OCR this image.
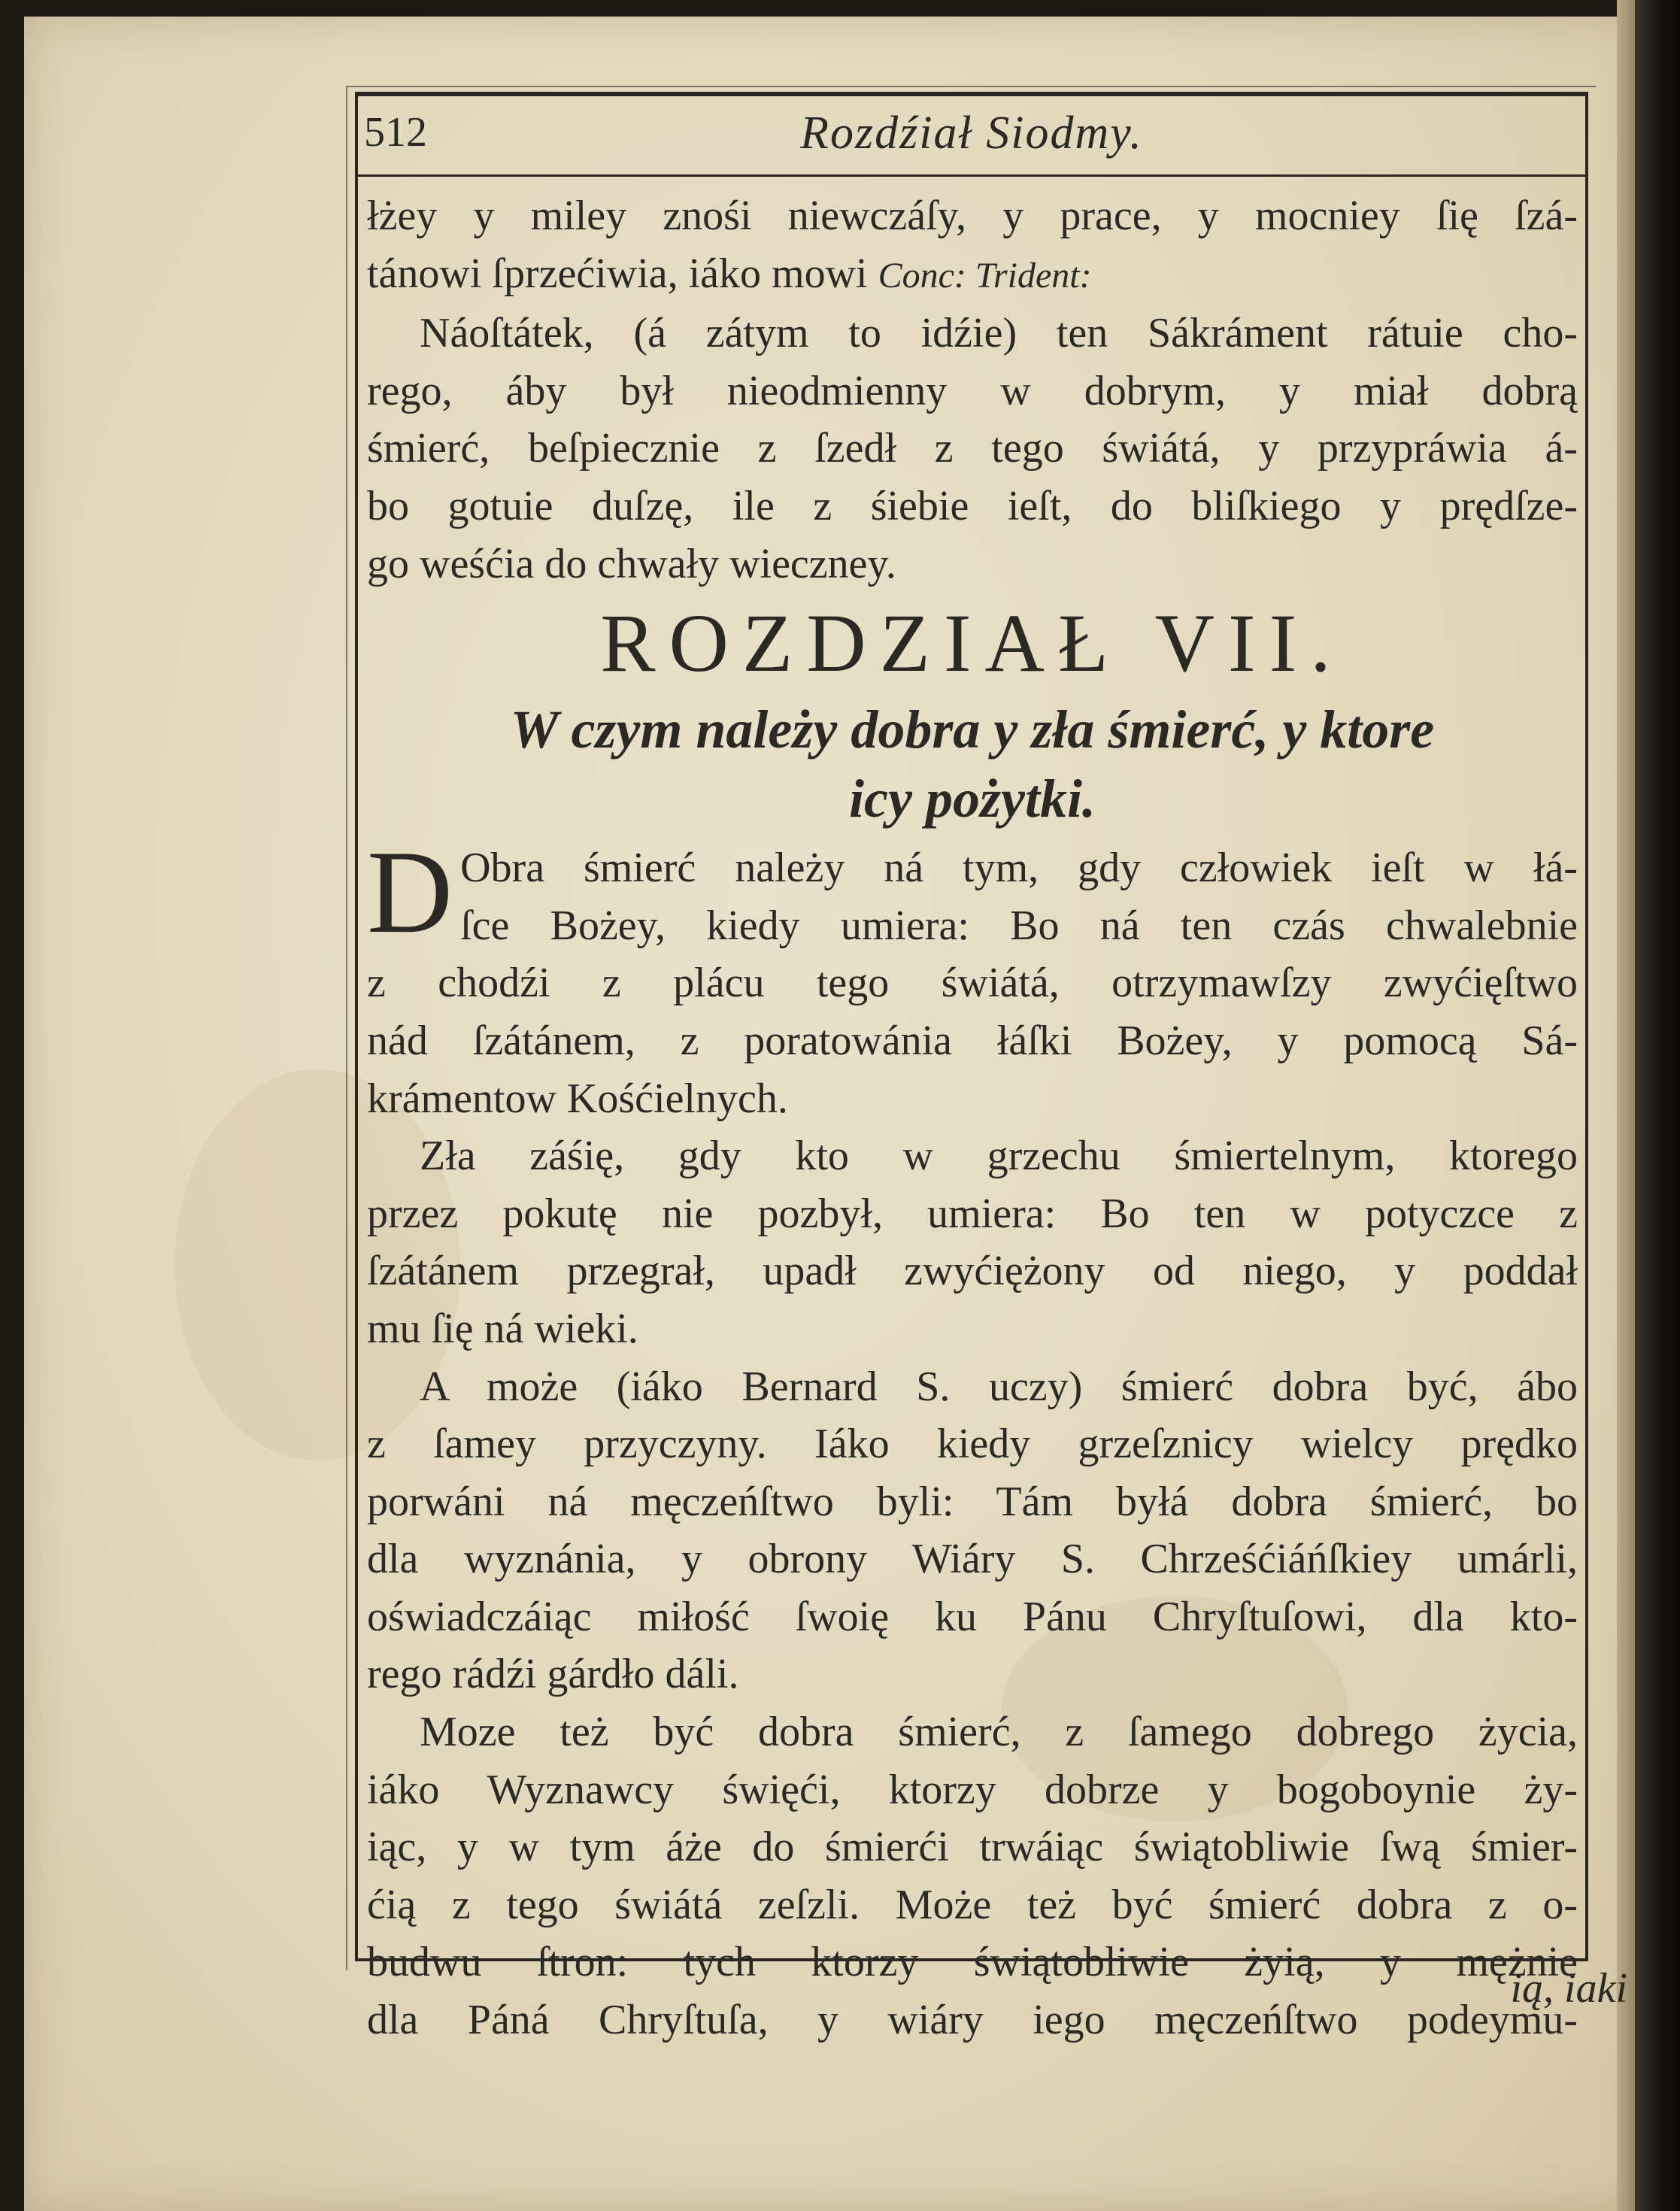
512	Rozdźiał Siodmy.
łżey y miley znośi niewczáſy, y prace, y mocniey ſię ſzá-
tánowi ſprzećiwia, iáko mowi Conc: Trident:
Náoſtátek, (á zátym to idźie) ten Sákráment rátuie cho-
rego, áby był nieodmienny w dobrym, y miał dobrą
śmierć, beſpiecznie z ſzedł z tego świátá, y przypráwia á-
bo gotuie duſzę, ile z śiebie ieſt, do bliſkiego y prędſze-
go weśćia do chwały wieczney.
ROZDZIAŁ VII.
W czym należy dobra y zła śmierć, y ktore
icy pożytki.
D Obra śmierć należy ná tym, gdy człowiek ieſt w łá-
ſce Bożey, kiedy umiera: Bo ná ten czás chwalebnie
z chodźi z plácu tego świátá, otrzymawſzy zwyćięſtwo
nád ſzátánem, z poratowánia łáſki Bożey, y pomocą Sá-
krámentow Kośćielnych.
Zła záśię, gdy kto w grzechu śmiertelnym, ktorego
przez pokutę nie pozbył, umiera: Bo ten w potyczce z
ſzátánem przegrał, upadł zwyćiężony od niego, y poddał
mu ſię ná wieki.
A może (iáko Bernard S. uczy) śmierć dobra być, ábo
z ſamey przyczyny. Iáko kiedy grzeſznicy wielcy prędko
porwáni ná męczeńſtwo byli: Tám byłá dobra śmierć, bo
dla wyznánia, y obrony Wiáry S. Chrześćiáńſkiey umárli,
oświadczáiąc miłość ſwoię ku Pánu Chryſtuſowi, dla kto-
rego rádźi gárdło dáli.
Moze też być dobra śmierć, z ſamego dobrego życia,
iáko Wyznawcy święći, ktorzy dobrze y bogoboynie ży-
iąc, y w tym áże do śmierći trwáiąc świątobliwie ſwą śmier-
ćią z tego świátá zeſzli. Może też być śmierć dobra z o-
budwu ſtron: tych ktorzy świątobliwie żyią, y mężnie
dla Páná Chryſtuſa, y wiáry iego męczeńſtwo podeymu-
ią, iaki
